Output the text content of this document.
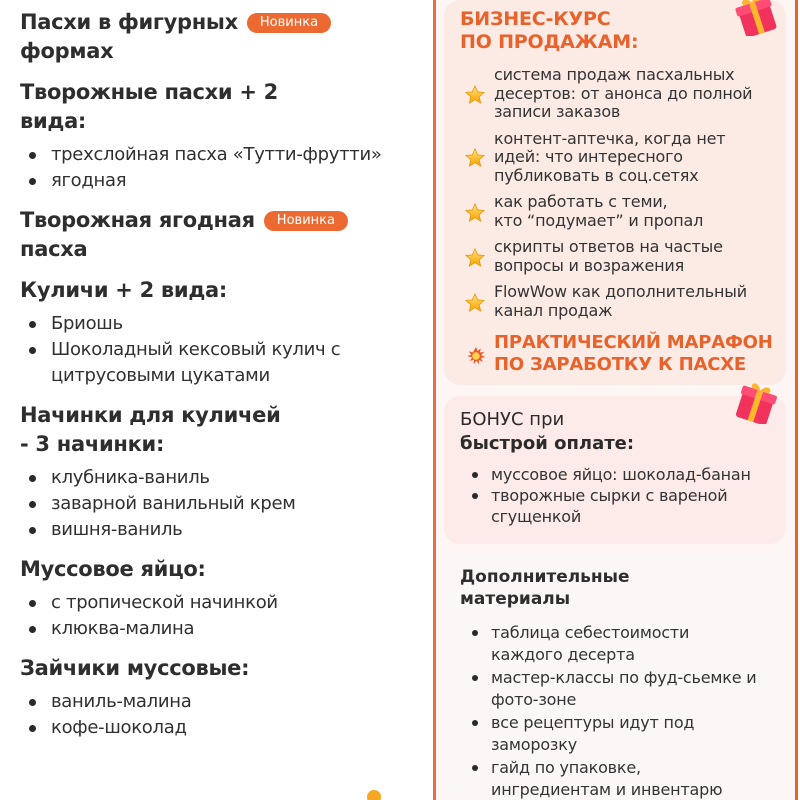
Пасхи в фигурных Новинка
формах
Творожные пасхи + 2
вида:
трехслойная пасха «Тутти-фрутти»
ягодная
Творожная ягодная Новинка
пасха
Куличи + 2 вида:
Бриошь
Шоколадный кексовый кулич с
цитрусовыми цукатами
Начинки для куличей
- 3 начинки:
клубника-ваниль
заварной ванильный крем
вишня-ваниль
Муссовое яйцо:
с тропической начинкой
клюква-малина
Зайчики муссовые:
ваниль-малина
кофе-шоколад
БИЗНЕС-КУРС
ПО ПРОДАЖАМ:
система продаж пасхальных
десертов: от анонса до полной
записи заказов
контент-аптечка, когда нет
идей: что интересного
публиковать в соц.сетях
как работать с теми,
кто “подумает” и пропал
скрипты ответов на частые
вопросы и возражения
FlowWow как дополнительный
канал продаж
ПРАКТИЧЕСКИЙ МАРАФОН
ПО ЗАРАБОТКУ К ПАСХЕ
БОНУС при
быстрой оплате:
муссовое яйцо: шоколад-банан
творожные сырки с вареной
сгущенкой
Дополнительные
материалы
таблица себестоимости
каждого десерта
мастер-классы по фуд-сьемке и
фото-зоне
все рецептуры идут под
заморозку
гайд по упаковке,
ингредиентам и инвентарю
